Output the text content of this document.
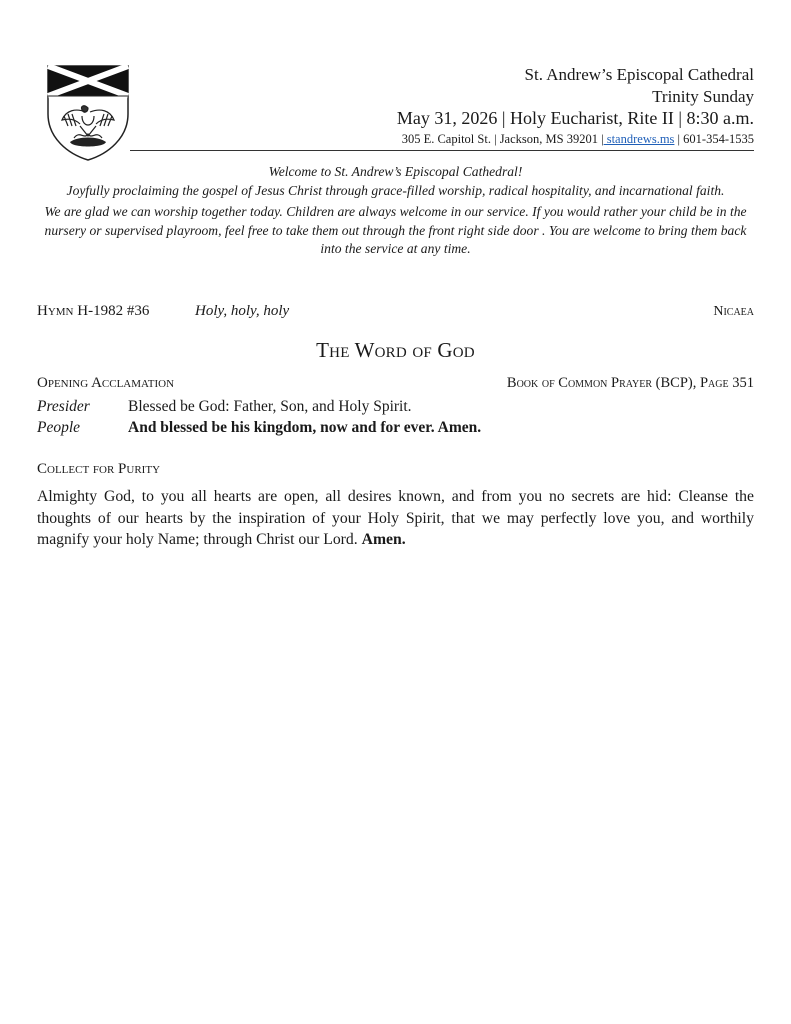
St. Andrew’s Episcopal Cathedral
Trinity Sunday
May 31, 2026 | Holy Eucharist, Rite II | 8:30 a.m.
305 E. Capitol St. | Jackson, MS 39201 | standrews.ms | 601-354-1535
Welcome to St. Andrew’s Episcopal Cathedral!
Joyfully proclaiming the gospel of Jesus Christ through grace-filled worship, radical hospitality, and incarnational faith.
We are glad we can worship together today. Children are always welcome in our service. If you would rather your child be in the nursery or supervised playroom, feel free to take them out through the front right side door . You are welcome to bring them back into the service at any time.
Hymn H-1982 #36	Holy, holy, holy	Nicaea
The Word of God
Opening Acclamation	Book of Common Prayer (BCP), Page 351
Presider	Blessed be God: Father, Son, and Holy Spirit.
People	And blessed be his kingdom, now and for ever. Amen.
Collect for Purity
Almighty God, to you all hearts are open, all desires known, and from you no secrets are hid: Cleanse the thoughts of our hearts by the inspiration of your Holy Spirit, that we may perfectly love you, and worthily magnify your holy Name; through Christ our Lord. Amen.
